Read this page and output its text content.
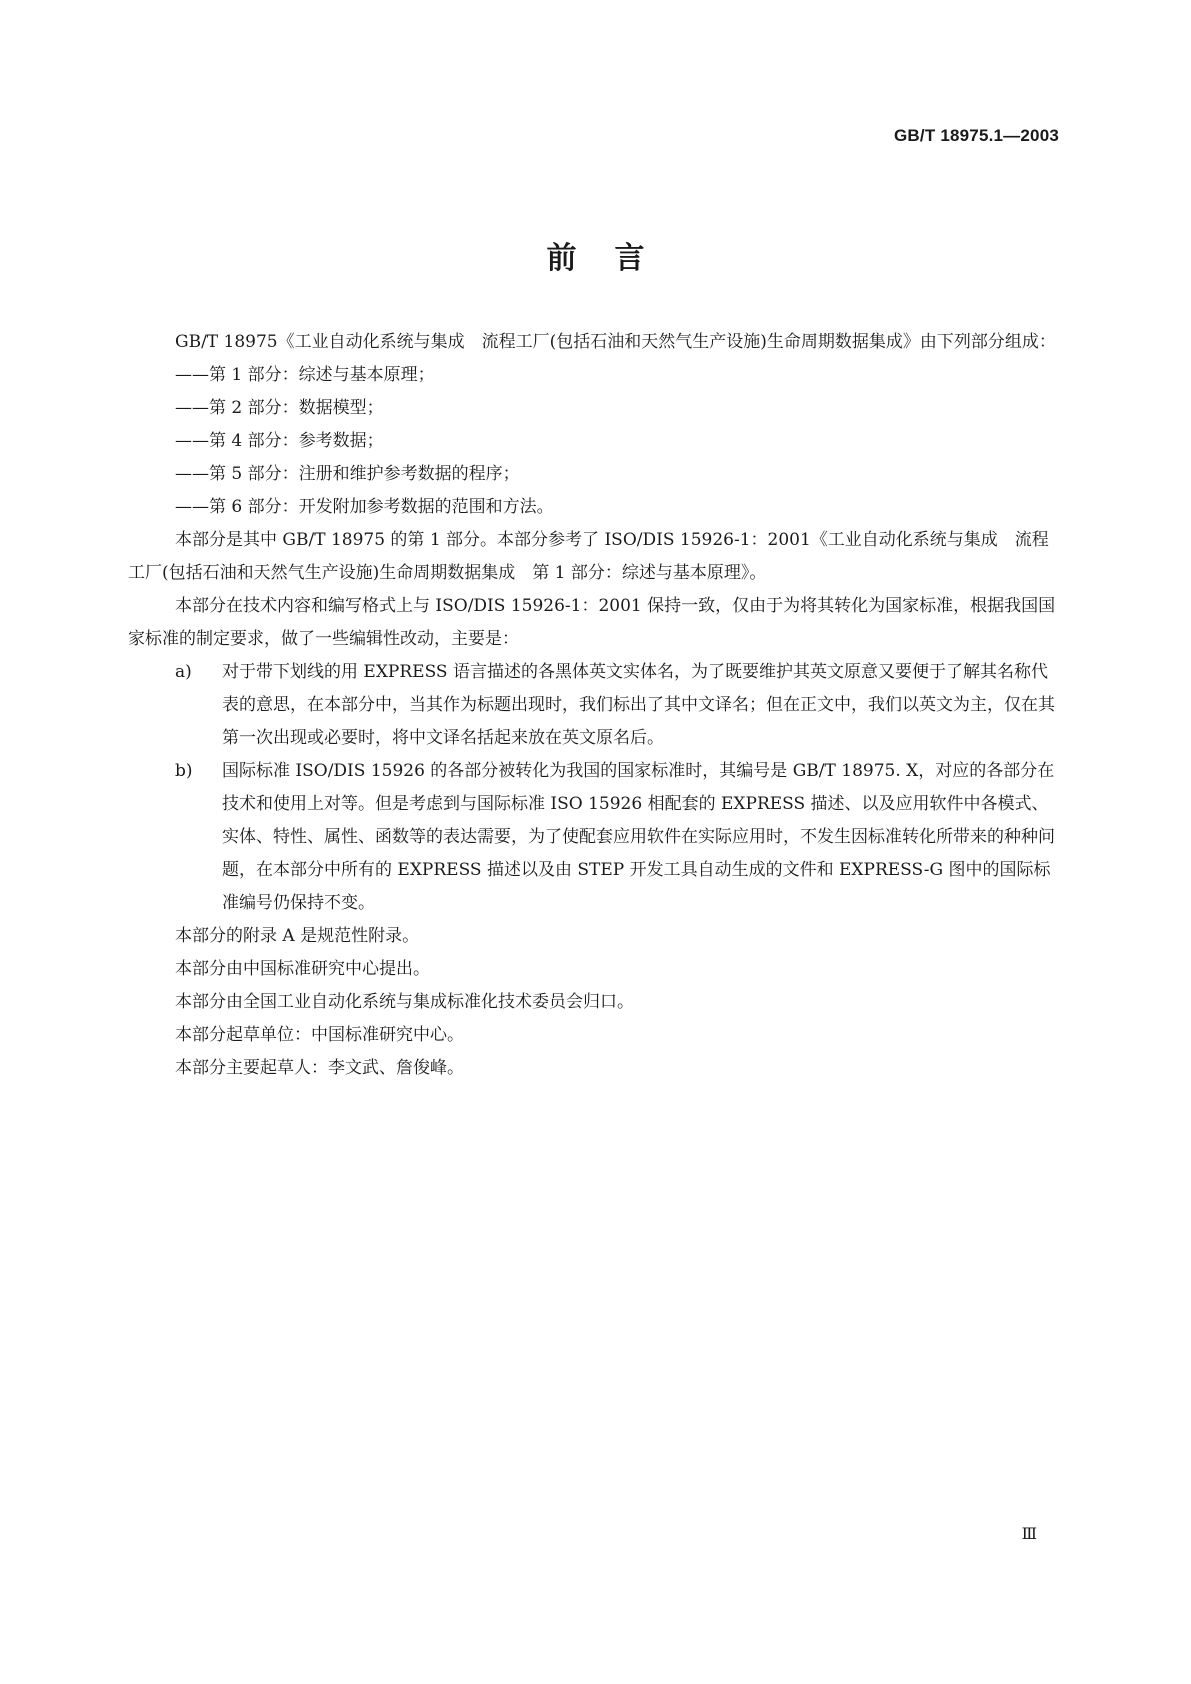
GB/T 18975.1—2003
前言

GB/T 18975《工业自动化系统与集成　流程工厂(包括石油和天然气生产设施)生命周期数据集成》由下列部分组成：

——第 1 部分：综述与基本原理；

——第 2 部分：数据模型；

——第 4 部分：参考数据；

——第 5 部分：注册和维护参考数据的程序；

——第 6 部分：开发附加参考数据的范围和方法。

本部分是其中 GB/T 18975 的第 1 部分。本部分参考了 ISO/DIS 15926-1：2001《工业自动化系统与集成　流程工厂(包括石油和天然气生产设施)生命周期数据集成　第 1 部分：综述与基本原理》。

本部分在技术内容和编写格式上与 ISO/DIS 15926-1：2001 保持一致，仅由于为将其转化为国家标准，根据我国国家标准的制定要求，做了一些编辑性改动，主要是：

a)	对于带下划线的用 EXPRESS 语言描述的各黑体英文实体名，为了既要维护其英文原意又要便于了解其名称代表的意思，在本部分中，当其作为标题出现时，我们标出了其中文译名；但在正文中，我们以英文为主，仅在其第一次出现或必要时，将中文译名括起来放在英文原名后。
b)	国际标准 ISO/DIS 15926 的各部分被转化为我国的国家标准时，其编号是 GB/T 18975. X，对应的各部分在技术和使用上对等。但是考虑到与国际标准 ISO 15926 相配套的 EXPRESS 描述、以及应用软件中各模式、实体、特性、属性、函数等的表达需要，为了使配套应用软件在实际应用时，不发生因标准转化所带来的种种问题，在本部分中所有的 EXPRESS 描述以及由 STEP 开发工具自动生成的文件和 EXPRESS-G 图中的国际标准编号仍保持不变。

本部分的附录 A 是规范性附录。

本部分由中国标准研究中心提出。

本部分由全国工业自动化系统与集成标准化技术委员会归口。

本部分起草单位：中国标准研究中心。

本部分主要起草人：李文武、詹俊峰。

Ⅲ
